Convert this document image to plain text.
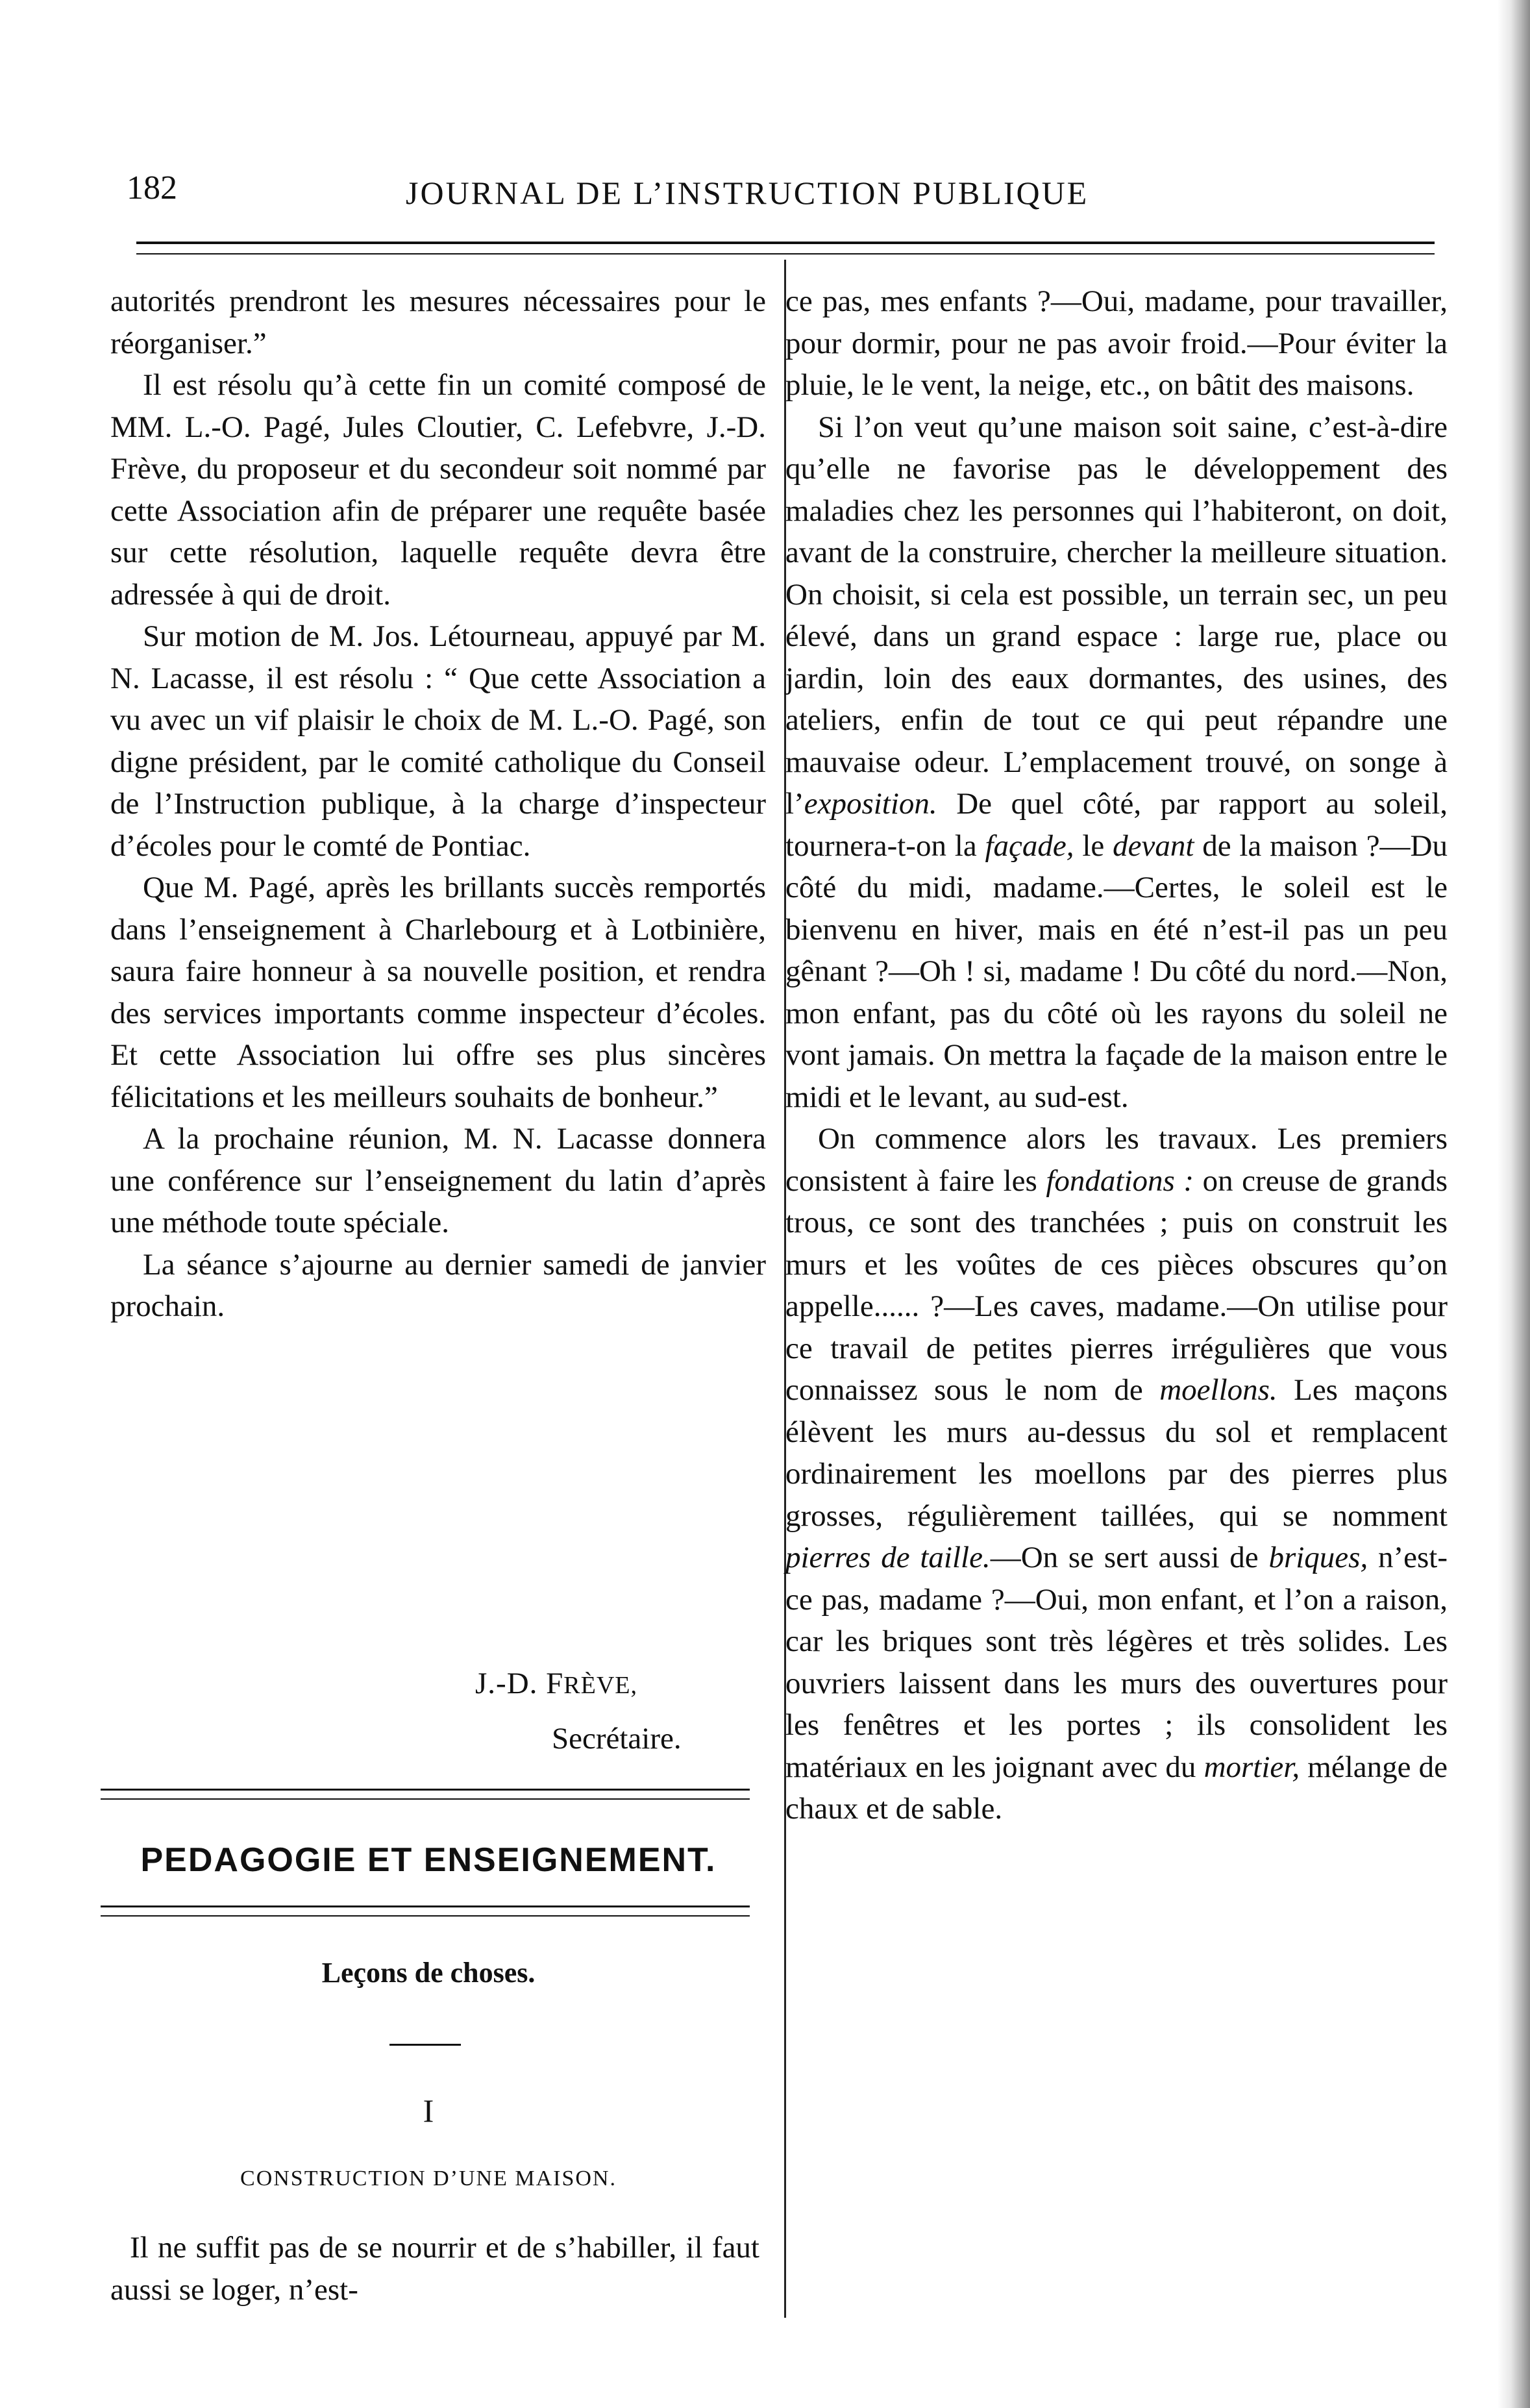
182	JOURNAL DE L’INSTRUCTION PUBLIQUE

autorités prendront les mesures nécessaires pour le réorganiser.”

Il est résolu qu’à cette fin un comité composé de MM. L.-O. Pagé, Jules Cloutier, C. Lefebvre, J.-D. Frève, du proposeur et du secondeur soit nommé par cette Association afin de préparer une requête basée sur cette résolution, laquelle requête devra être adressée à qui de droit.

Sur motion de M. Jos. Létourneau, appuyé par M. N. Lacasse, il est résolu : “ Que cette Association a vu avec un vif plaisir le choix de M. L.-O. Pagé, son digne président, par le comité catholique du Conseil de l’Instruction publique, à la charge d’inspecteur d’écoles pour le comté de Pontiac.

Que M. Pagé, après les brillants succès remportés dans l’enseignement à Charlebourg et à Lotbinière, saura faire honneur à sa nouvelle position, et rendra des services importants comme inspecteur d’écoles. Et cette Association lui offre ses plus sincères félicitations et les meilleurs souhaits de bonheur.”

A la prochaine réunion, M. N. Lacasse donnera une conférence sur l’enseignement du latin d’après une méthode toute spéciale.

La séance s’ajourne au dernier samedi de janvier prochain.

J.-D. FRÈVE,
Secrétaire.
PEDAGOGIE ET ENSEIGNEMENT.
Leçons de choses.
I
CONSTRUCTION D’UNE MAISON.

Il ne suffit pas de se nourrir et de s’habiller, il faut aussi se loger, n’est-

ce pas, mes enfants ?—Oui, madame, pour travailler, pour dormir, pour ne pas avoir froid.—Pour éviter la pluie, le le vent, la neige, etc., on bâtit des maisons.

Si l’on veut qu’une maison soit saine, c’est-à-dire qu’elle ne favorise pas le développement des maladies chez les personnes qui l’habiteront, on doit, avant de la construire, chercher la meilleure situation. On choisit, si cela est possible, un terrain sec, un peu élevé, dans un grand espace : large rue, place ou jardin, loin des eaux dormantes, des usines, des ateliers, enfin de tout ce qui peut répandre une mauvaise odeur. L’emplacement trouvé, on songe à l’exposition. De quel côté, par rapport au soleil, tournera-t-on la façade, le devant de la maison ?—Du côté du midi, madame.—Certes, le soleil est le bienvenu en hiver, mais en été n’est-il pas un peu gênant ?—Oh ! si, madame ! Du côté du nord.—Non, mon enfant, pas du côté où les rayons du soleil ne vont jamais. On mettra la façade de la maison entre le midi et le levant, au sud-est.

On commence alors les travaux. Les premiers consistent à faire les fondations : on creuse de grands trous, ce sont des tranchées ; puis on construit les murs et les voûtes de ces pièces obscures qu’on appelle...... ?—Les caves, madame.—On utilise pour ce travail de petites pierres irrégulières que vous connaissez sous le nom de moellons. Les maçons élèvent les murs au-dessus du sol et remplacent ordinairement les moellons par des pierres plus grosses, régulièrement taillées, qui se nomment pierres de taille.—On se sert aussi de briques, n’est-ce pas, madame ?—Oui, mon enfant, et l’on a raison, car les briques sont très légères et très solides. Les ouvriers laissent dans les murs des ouvertures pour les fenêtres et les portes ; ils consolident les matériaux en les joignant avec du mortier, mélange de chaux et de sable.
